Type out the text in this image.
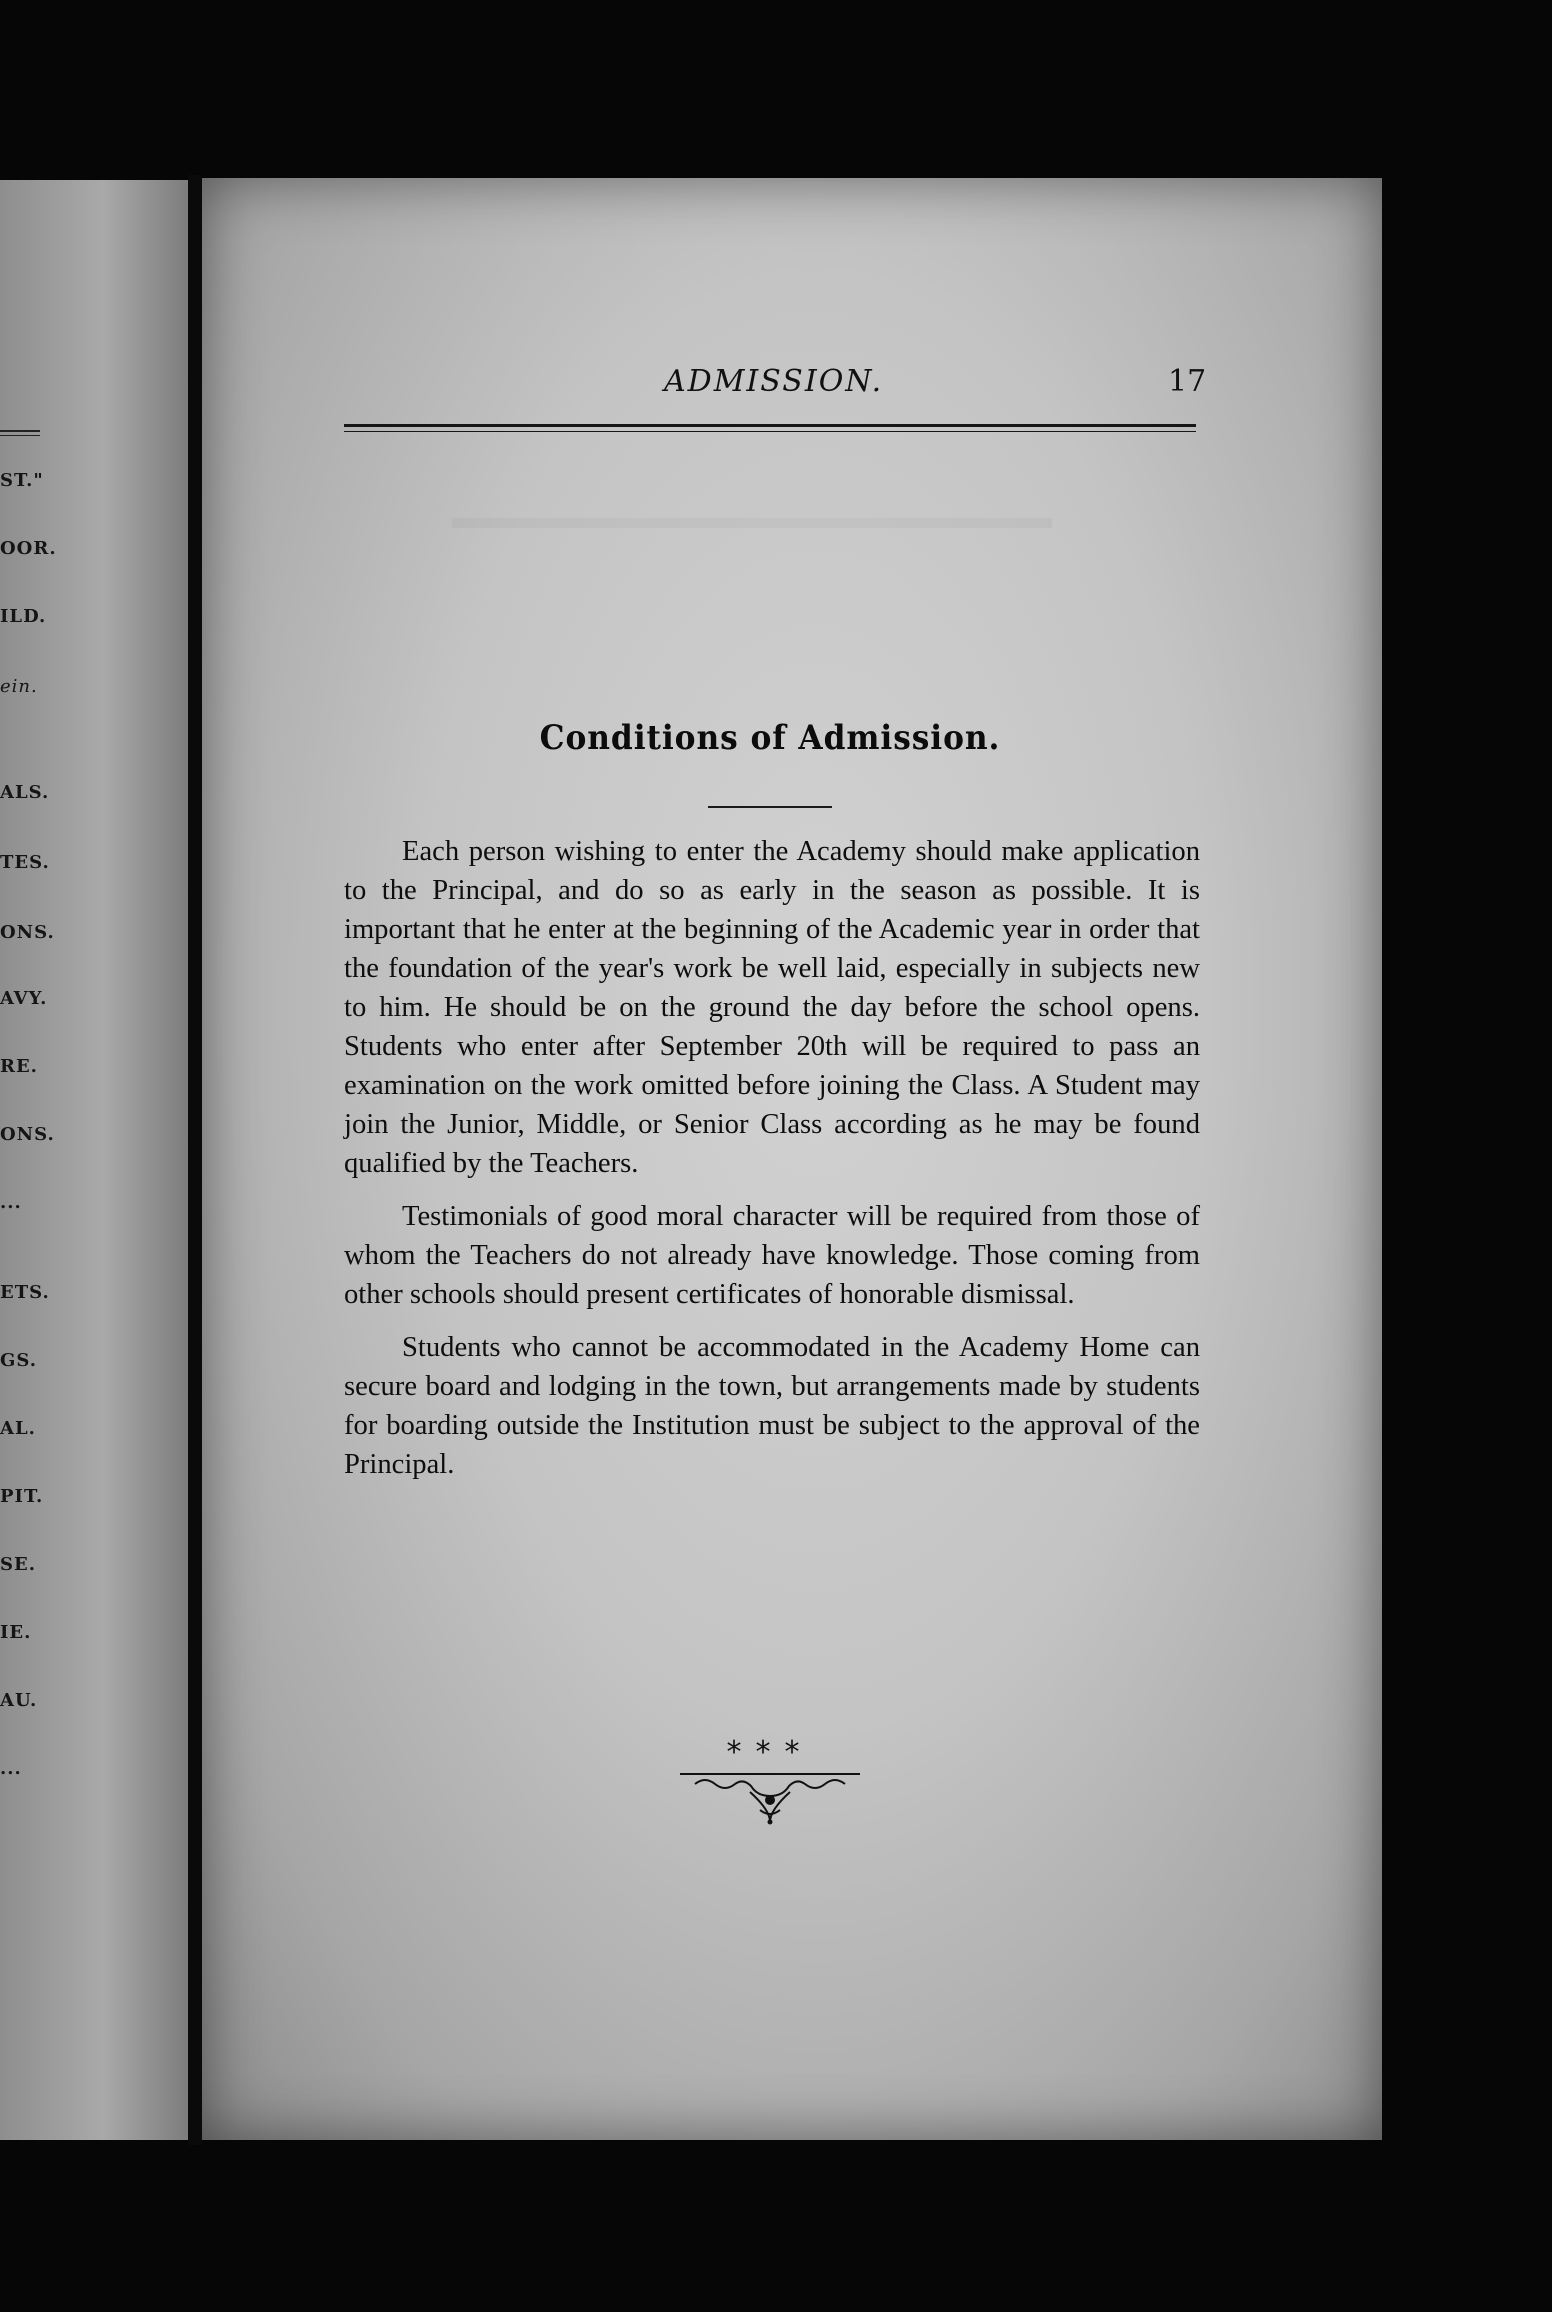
ST."
OOR.
ILD.
ein.
ALS.
TES.
ONS.
AVY.
RE.
ONS.
...
ETS.
GS.
AL.
PIT.
SE.
IE.
AU.
...
ADMISSION.	17
Conditions of Admission.

Each person wishing to enter the Academy should make application to the Principal, and do so as early in the season as possible. It is important that he enter at the beginning of the Academic year in order that the foundation of the year's work be well laid, especially in subjects new to him. He should be on the ground the day before the school opens. Students who enter after September 20th will be required to pass an examination on the work omitted before joining the Class. A Student may join the Junior, Middle, or Senior Class according as he may be found qualified by the Teachers.

Testimonials of good moral character will be required from those of whom the Teachers do not already have knowledge. Those coming from other schools should present certificates of honorable dismissal.

Students who cannot be accommodated in the Academy Home can secure board and lodging in the town, but arrangements made by students for boarding outside the Institution must be subject to the approval of the Principal.

***
